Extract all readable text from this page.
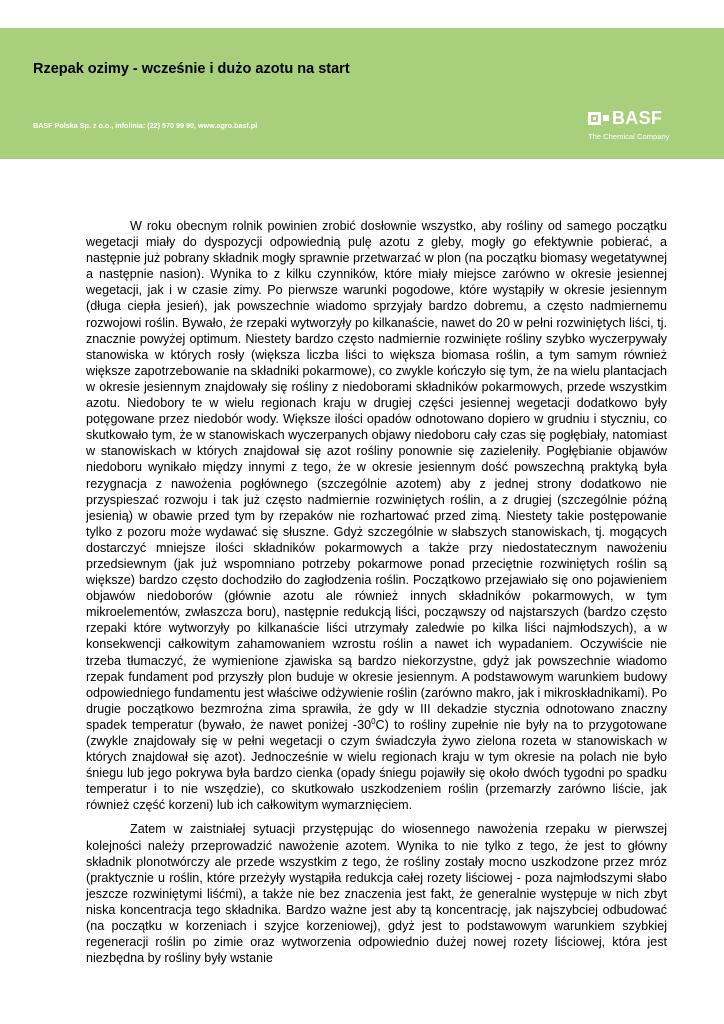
Rzepak ozimy - wcześnie i dużo azotu na start
BASF Polska Sp. z o.o., infolinia: (22) 570 99 90, www.agro.basf.pl	BASF
The Chemical Company

W roku obecnym rolnik powinien zrobić dosłownie wszystko, aby rośliny od samego początku wegetacji miały do dyspozycji odpowiednią pulę azotu z gleby, mogły go efektywnie pobierać, a następnie już pobrany składnik mogły sprawnie przetwarzać w plon (na początku biomasy wegetatywnej a następnie nasion). Wynika to z kilku czynników, które miały miejsce zarówno w okresie jesiennej wegetacji, jak i w czasie zimy. Po pierwsze warunki pogodowe, które wystąpiły w okresie jesiennym (długa ciepła jesień), jak powszechnie wiadomo sprzyjały bardzo dobremu, a często nadmiernemu rozwojowi roślin. Bywało, że rzepaki wytworzyły po kilkanaście, nawet do 20 w pełni rozwiniętych liści, tj. znacznie powyżej optimum. Niestety bardzo często nadmiernie rozwinięte rośliny szybko wyczerpywały stanowiska w których rosły (większa liczba liści to większa biomasa roślin, a tym samym również większe zapotrzebowanie na składniki pokarmowe), co zwykle kończyło się tym, że na wielu plantacjach w okresie jesiennym znajdowały się rośliny z niedoborami składników pokarmowych, przede wszystkim azotu. Niedobory te w wielu regionach kraju w drugiej części jesiennej wegetacji dodatkowo były potęgowane przez niedobór wody. Większe ilości opadów odnotowano dopiero w grudniu i styczniu, co skutkowało tym, że w stanowiskach wyczerpanych objawy niedoboru cały czas się pogłębiały, natomiast w stanowiskach w których znajdował się azot rośliny ponownie się zazieleniły. Pogłębianie objawów niedoboru wynikało między innymi z tego, że w okresie jesiennym dość powszechną praktyką była rezygnacja z nawożenia pogłównego (szczególnie azotem) aby z jednej strony dodatkowo nie przyspieszać rozwoju i tak już często nadmiernie rozwiniętych roślin, a z drugiej (szczególnie późną jesienią) w obawie przed tym by rzepaków nie rozhartować przed zimą. Niestety takie postępowanie tylko z pozoru może wydawać się słuszne. Gdyż szczególnie w słabszych stanowiskach, tj. mogących dostarczyć mniejsze ilości składników pokarmowych a także przy niedostatecznym nawożeniu przedsiewnym (jak już wspomniano potrzeby pokarmowe ponad przeciętnie rozwiniętych roślin są większe) bardzo często dochodziło do zagłodzenia roślin. Początkowo przejawiało się ono pojawieniem objawów niedoborów (głównie azotu ale również innych składników pokarmowych, w tym mikroelementów, zwłaszcza boru), następnie redukcją liści, począwszy od najstarszych (bardzo często rzepaki które wytworzyły po kilkanaście liści utrzymały zaledwie po kilka liści najmłodszych), a w konsekwencji całkowitym zahamowaniem wzrostu roślin a nawet ich wypadaniem. Oczywiście nie trzeba tłumaczyć, że wymienione zjawiska są bardzo niekorzystne, gdyż jak powszechnie wiadomo rzepak fundament pod przyszły plon buduje w okresie jesiennym. A podstawowym warunkiem budowy odpowiedniego fundamentu jest właściwe odżywienie roślin (zarówno makro, jak i mikroskładnikami). Po drugie początkowo bezmroźna zima sprawiła, że gdy w III dekadzie stycznia odnotowano znaczny spadek temperatur (bywało, że nawet poniżej $-30^0C$) to rośliny zupełnie nie były na to przygotowane (zwykle znajdowały się w pełni wegetacji o czym świadczyła żywo zielona rozeta w stanowiskach w których znajdował się azot). Jednocześnie w wielu regionach kraju w tym okresie na polach nie było śniegu lub jego pokrywa była bardzo cienka (opady śniegu pojawiły się około dwóch tygodni po spadku temperatur i to nie wszędzie), co skutkowało uszkodzeniem roślin (przemarzły zarówno liście, jak również część korzeni) lub ich całkowitym wymarznięciem.

Zatem w zaistniałej sytuacji przystępując do wiosennego nawożenia rzepaku w pierwszej kolejności należy przeprowadzić nawożenie azotem. Wynika to nie tylko z tego, że jest to główny składnik plonotwórczy ale przede wszystkim z tego, że rośliny zostały mocno uszkodzone przez mróz (praktycznie u roślin, które przeżyły wystąpiła redukcja całej rozety liściowej - poza najmłodszymi słabo jeszcze rozwiniętymi liśćmi), a także nie bez znaczenia jest fakt, że generalnie występuje w nich zbyt niska koncentracja tego składnika. Bardzo ważne jest aby tą koncentrację, jak najszybciej odbudować (na początku w korzeniach i szyjce korzeniowej), gdyż jest to podstawowym warunkiem szybkiej regeneracji roślin po zimie oraz wytworzenia odpowiednio dużej nowej rozety liściowej, która jest niezbędna by rośliny były wstanie
